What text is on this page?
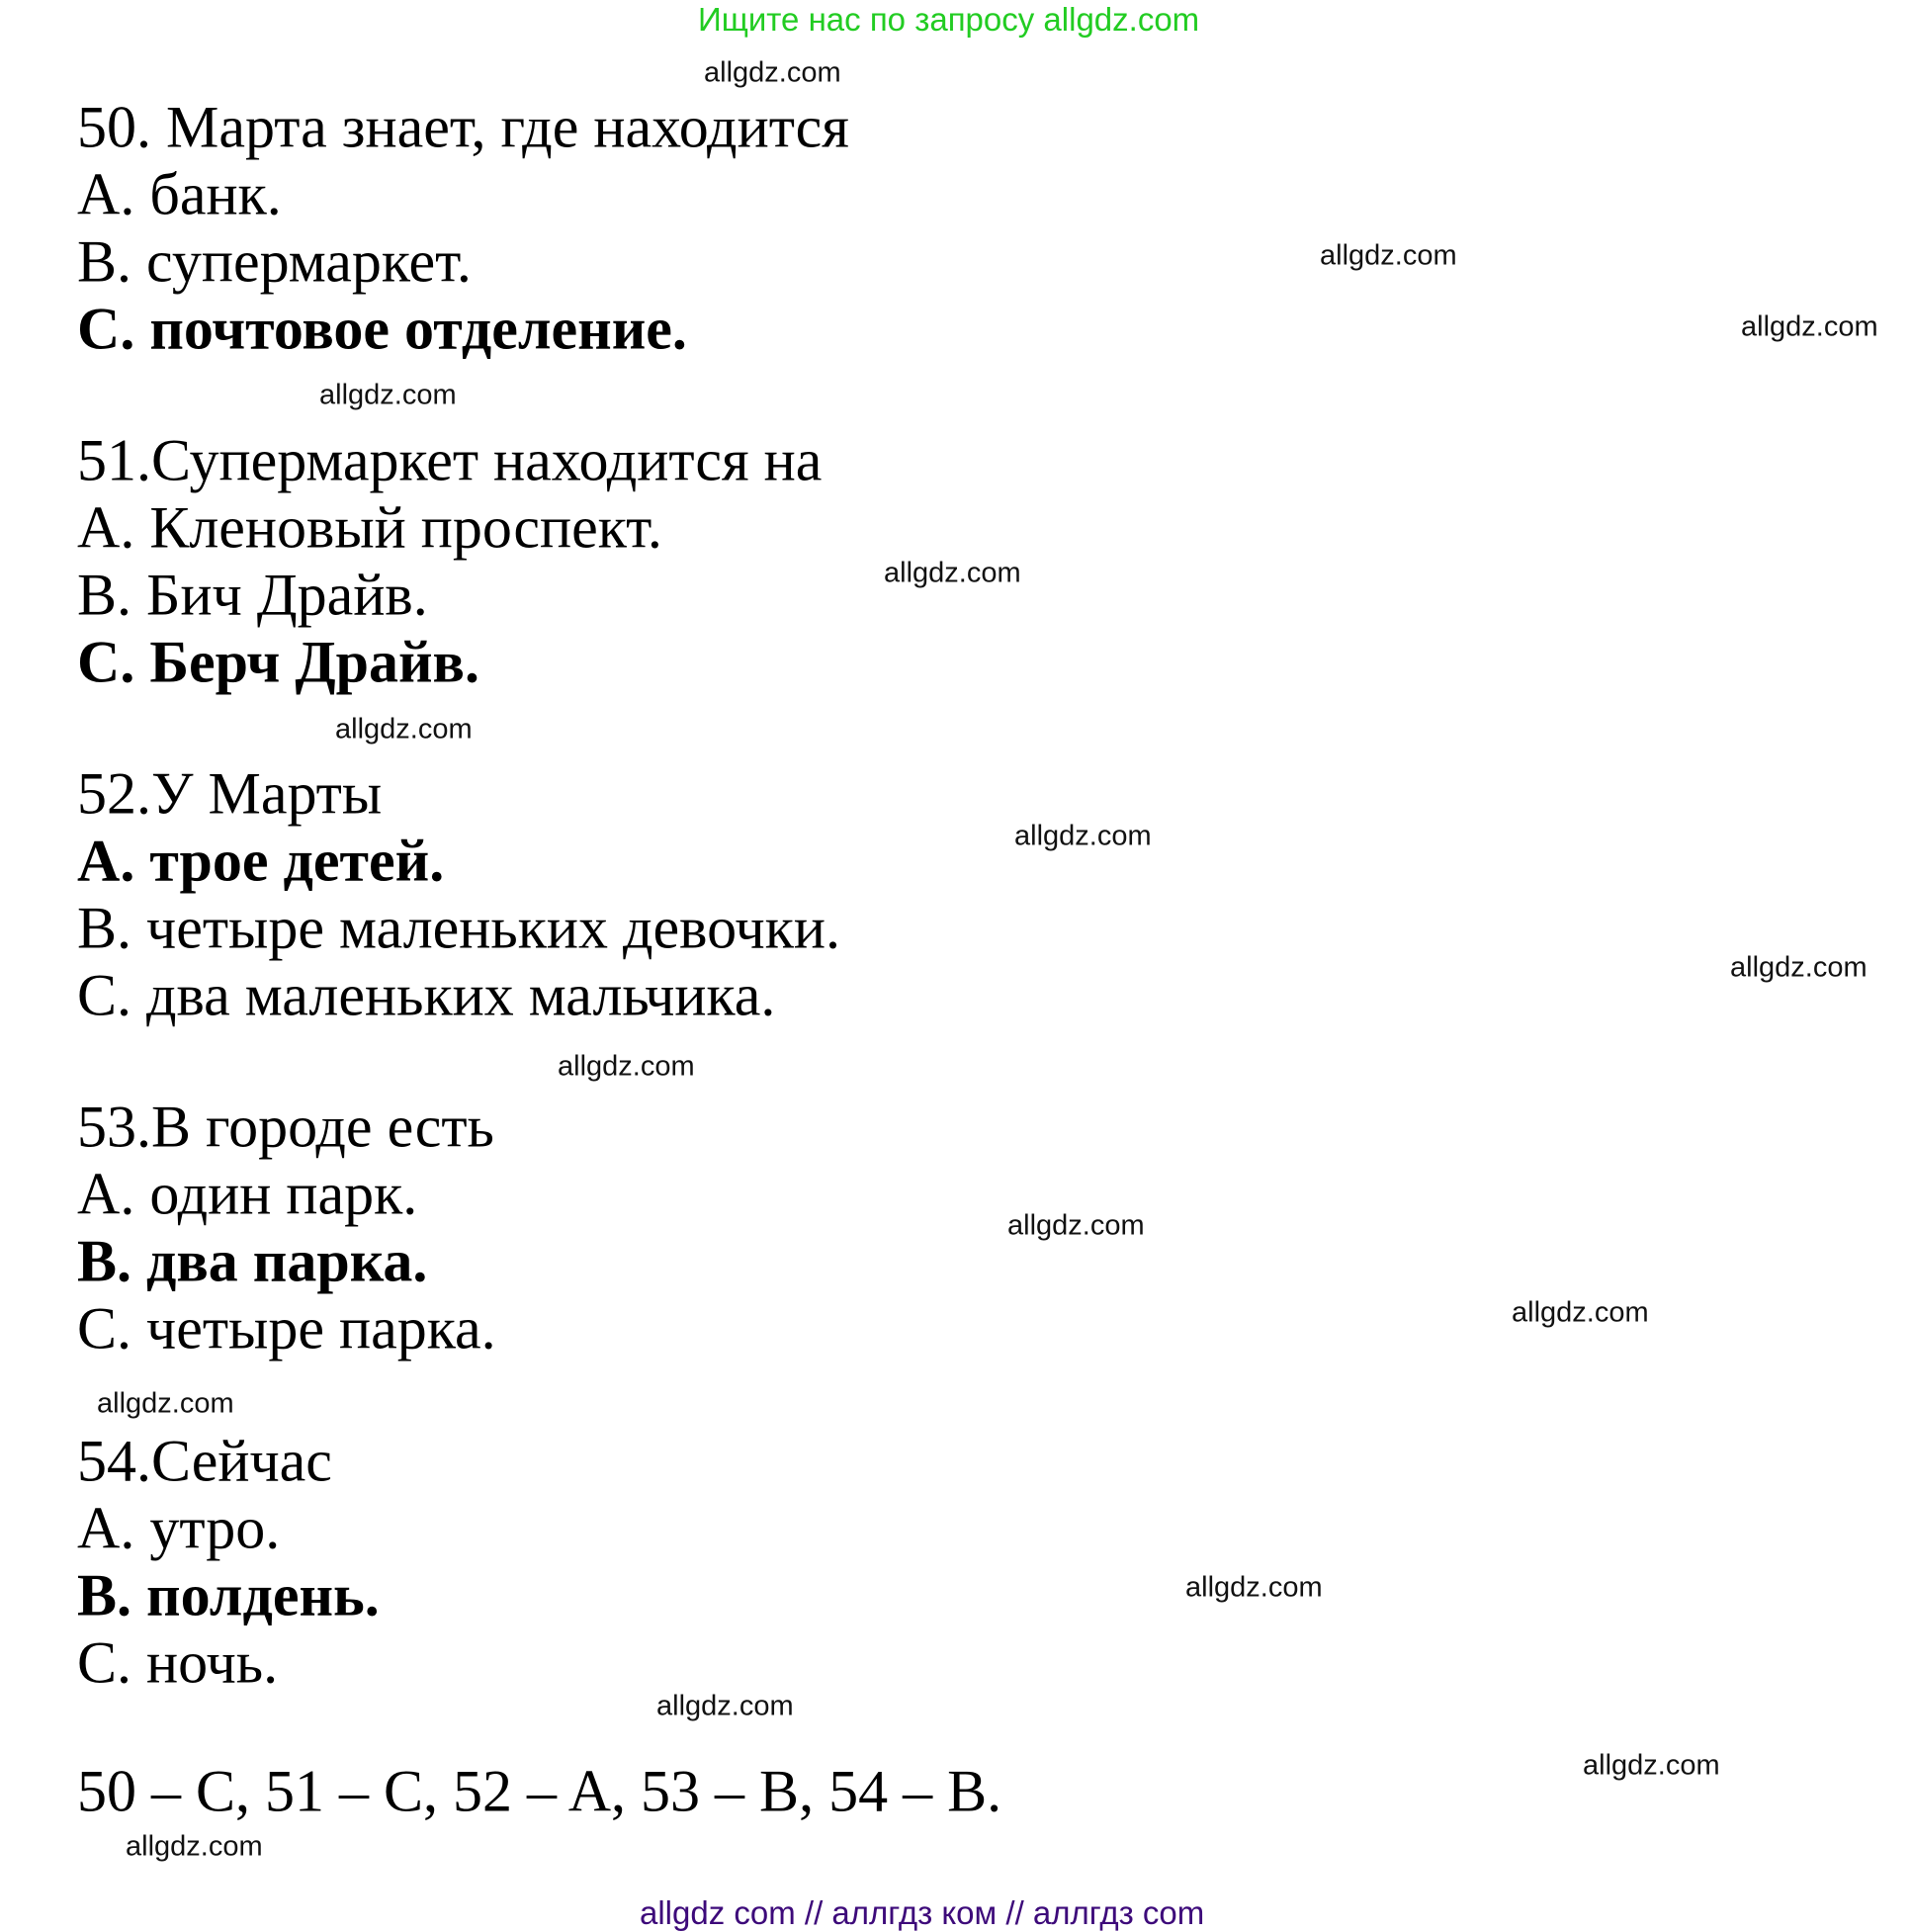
Ищите нас по запросу allgdz.com
50. Марта знает, где находится
A. банк.
B. супермаркет.
C. почтовое отделение.
51.Супермаркет находится на
A. Кленовый проспект.
B. Бич Драйв.
C. Берч Драйв.
52.У Марты
A. трое детей.
B. четыре маленьких девочки.
C. два маленьких мальчика.
53.В городе есть
A. один парк.
B. два парка.
C. четыре парка.
54.Сейчас
A. утро.
B. полдень.
C. ночь.
50 – C, 51 – C, 52 – A, 53 – B, 54 – B.
allgdz com // аллгдз ком // аллгдз com
allgdz.com
allgdz.com
allgdz.com
allgdz.com
allgdz.com
allgdz.com
allgdz.com
allgdz.com
allgdz.com
allgdz.com
allgdz.com
allgdz.com
allgdz.com
allgdz.com
allgdz.com
allgdz.com
